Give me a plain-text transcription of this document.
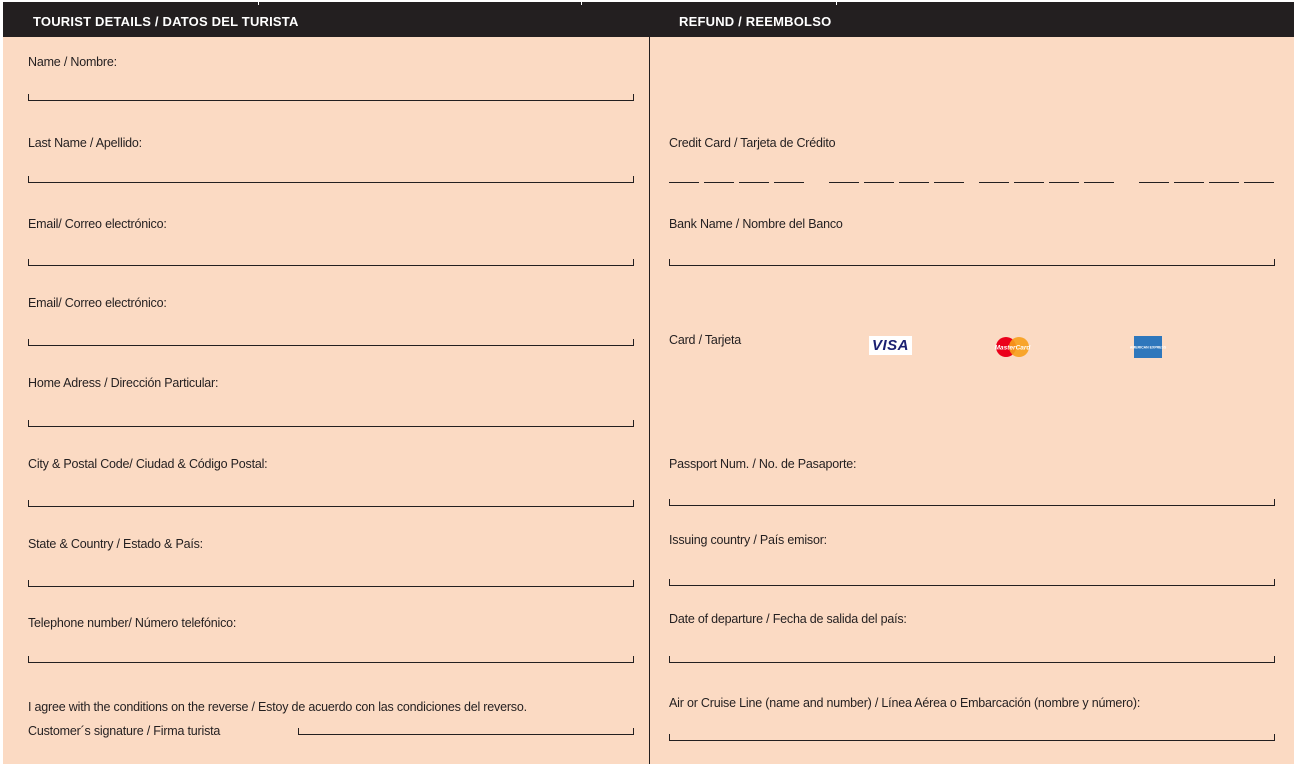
TOURIST DETAILS / DATOS DEL TURISTA	REFUND / REEMBOLSO
Name / Nombre:
Last Name / Apellido:
Email/ Correo electrónico:
Email/ Correo electrónico:
Home Adress / Dirección Particular:
City & Postal Code/ Ciudad & Código Postal:
State & Country / Estado & País:
Telephone number/ Número telefónico:
I agree with the conditions on the reverse / Estoy de acuerdo con las condiciones del reverso.
Customer´s signature / Firma turista
Credit Card / Tarjeta de Crédito
Bank Name / Nombre del Banco
Card / Tarjeta	VISA	MasterCard	AMERICAN EXPRESS
Passport Num. / No. de Pasaporte:
Issuing country / País emisor:
Date of departure / Fecha de salida del país:
Air or Cruise Line (name and number) / Línea Aérea o Embarcación (nombre y número):
